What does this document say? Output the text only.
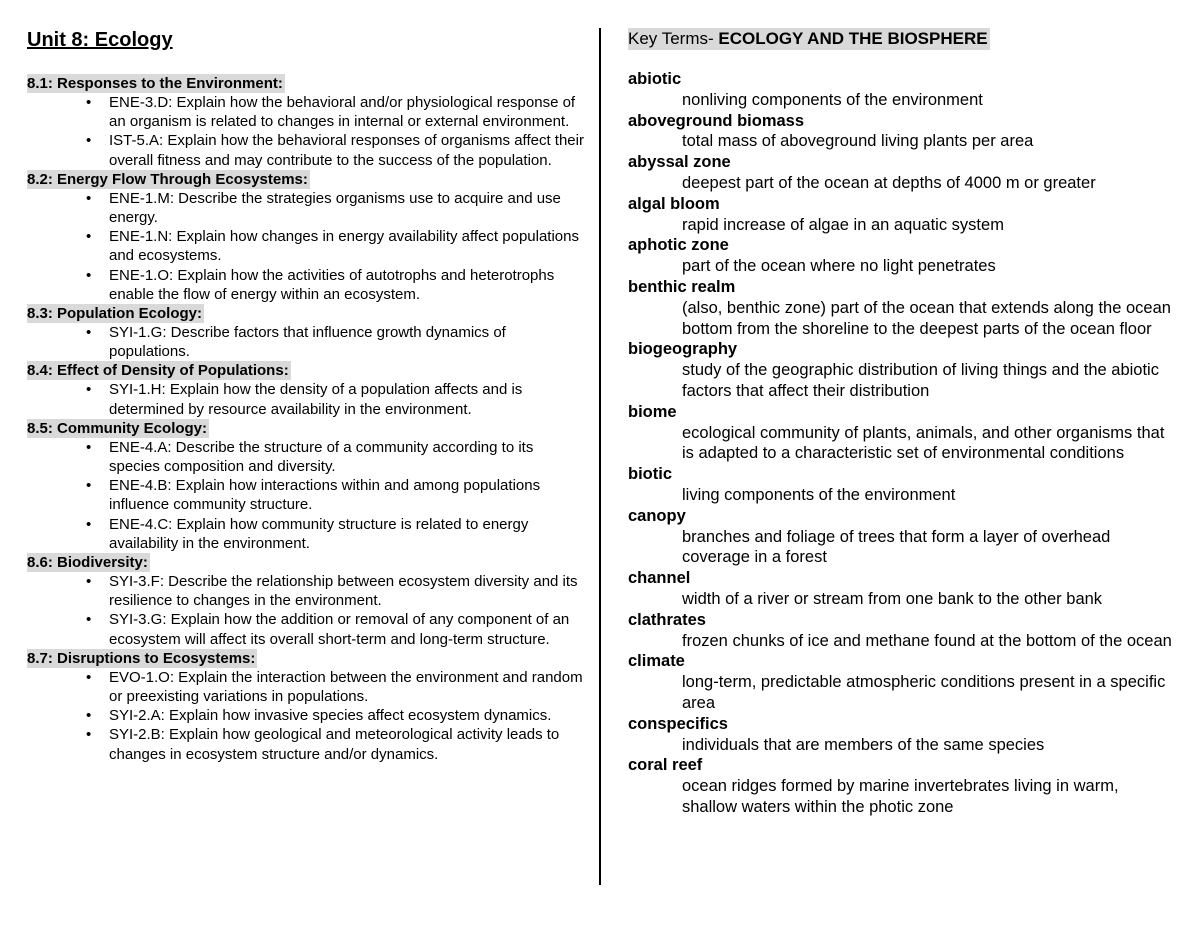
Unit 8: Ecology
8.1: Responses to the Environment:
• ENE-3.D: Explain how the behavioral and/or physiological response of an organism is related to changes in internal or external environment.
• IST-5.A: Explain how the behavioral responses of organisms affect their overall fitness and may contribute to the success of the population.
8.2: Energy Flow Through Ecosystems:
• ENE-1.M: Describe the strategies organisms use to acquire and use energy.
• ENE-1.N: Explain how changes in energy availability affect populations and ecosystems.
• ENE-1.O: Explain how the activities of autotrophs and heterotrophs enable the flow of energy within an ecosystem.
8.3: Population Ecology:
• SYI-1.G: Describe factors that influence growth dynamics of populations.
8.4: Effect of Density of Populations:
• SYI-1.H: Explain how the density of a population affects and is determined by resource availability in the environment.
8.5: Community Ecology:
• ENE-4.A: Describe the structure of a community according to its species composition and diversity.
• ENE-4.B: Explain how interactions within and among populations influence community structure.
• ENE-4.C: Explain how community structure is related to energy availability in the environment.
8.6: Biodiversity:
• SYI-3.F: Describe the relationship between ecosystem diversity and its resilience to changes in the environment.
• SYI-3.G: Explain how the addition or removal of any component of an ecosystem will affect its overall short-term and long-term structure.
8.7: Disruptions to Ecosystems:
• EVO-1.O: Explain the interaction between the environment and random or preexisting variations in populations.
• SYI-2.A: Explain how invasive species affect ecosystem dynamics.
• SYI-2.B: Explain how geological and meteorological activity leads to changes in ecosystem structure and/or dynamics.
Key Terms- ECOLOGY AND THE BIOSPHERE
abiotic
nonliving components of the environment
aboveground biomass
total mass of aboveground living plants per area
abyssal zone
deepest part of the ocean at depths of 4000 m or greater
algal bloom
rapid increase of algae in an aquatic system
aphotic zone
part of the ocean where no light penetrates
benthic realm
(also, benthic zone) part of the ocean that extends along the ocean bottom from the shoreline to the deepest parts of the ocean floor
biogeography
study of the geographic distribution of living things and the abiotic factors that affect their distribution
biome
ecological community of plants, animals, and other organisms that is adapted to a characteristic set of environmental conditions
biotic
living components of the environment
canopy
branches and foliage of trees that form a layer of overhead coverage in a forest
channel
width of a river or stream from one bank to the other bank
clathrates
frozen chunks of ice and methane found at the bottom of the ocean
climate
long-term, predictable atmospheric conditions present in a specific area
conspecifics
individuals that are members of the same species
coral reef
ocean ridges formed by marine invertebrates living in warm, shallow waters within the photic zone
